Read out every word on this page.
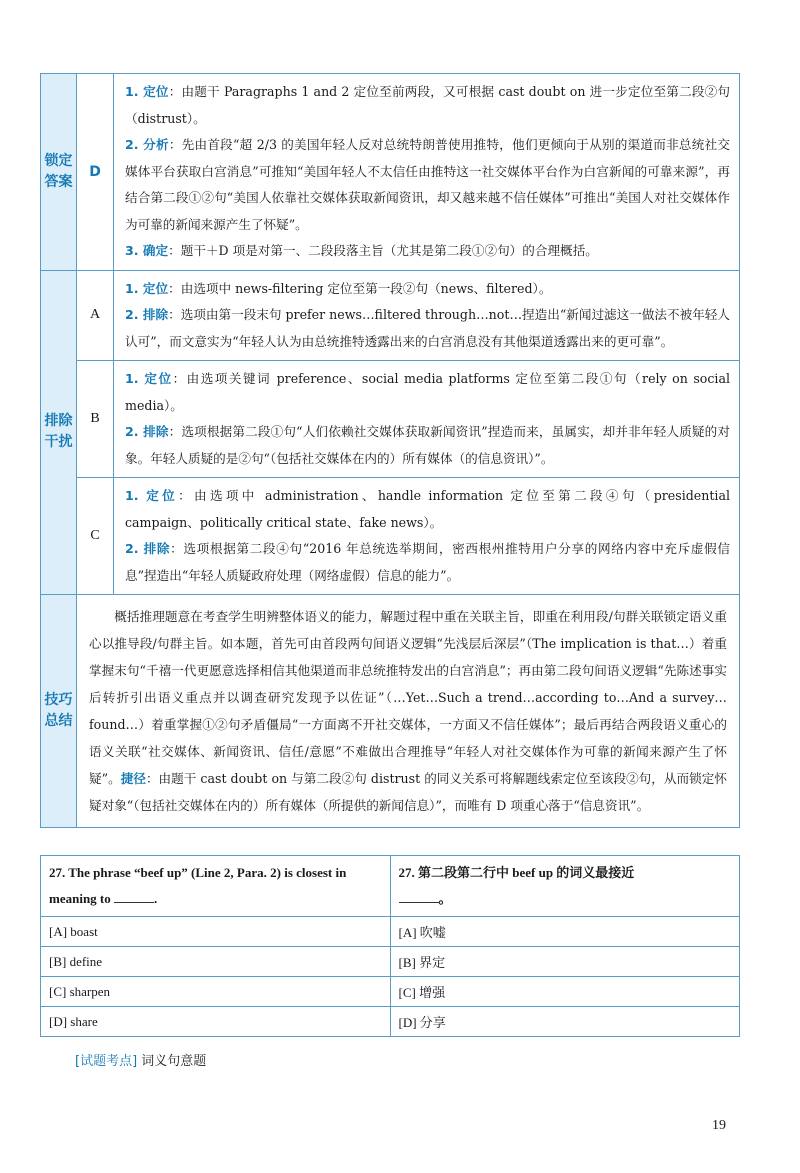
锁定答案	D	1. 定位：由题干 Paragraphs 1 and 2 定位至前两段，又可根据 cast doubt on 进一步定位至第二段②句（distrust）。

2. 分析：先由首段“超 2/3 的美国年轻人反对总统特朗普使用推特，他们更倾向于从别的渠道而非总统社交媒体平台获取白宫消息”可推知“美国年轻人不太信任由推特这一社交媒体平台作为白宫新闻的可靠来源”，再结合第二段①②句“美国人依靠社交媒体获取新闻资讯，却又越来越不信任媒体”可推出“美国人对社交媒体作为可靠的新闻来源产生了怀疑”。

3. 确定：题干＋D 项是对第一、二段段落主旨（尤其是第二段①②句）的合理概括。

排除干扰	A	1. 定位：由选项中 news-filtering 定位至第一段②句（news、filtered）。

2. 排除：选项由第一段末句 prefer news…filtered through…not…捏造出“新闻过滤这一做法不被年轻人认可”，而文意实为“年轻人认为由总统推特透露出来的白宫消息没有其他渠道透露出来的更可靠”。

	B	1. 定位：由选项关键词 preference、social media platforms 定位至第二段①句（rely on social media）。

2. 排除：选项根据第二段①句“人们依赖社交媒体获取新闻资讯”捏造而来，虽属实，却并非年轻人质疑的对象。年轻人质疑的是②句“（包括社交媒体在内的）所有媒体（的信息资讯）”。

	C	1. 定位：由选项中 administration、handle information 定位至第二段④句（presidential campaign、politically critical state、fake news）。

2. 排除：选项根据第二段④句“2016 年总统选举期间，密西根州推特用户分享的网络内容中充斥虚假信息”捏造出“年轻人质疑政府处理（网络虚假）信息的能力”。

技巧总结	概括推理题意在考查学生明辨整体语义的能力，解题过程中重在关联主旨，即重在利用段/句群关联锁定语义重心以推导段/句群主旨。如本题，首先可由首段两句间语义逻辑“先浅层后深层”（The implication is that…）着重掌握末句“千禧一代更愿意选择相信其他渠道而非总统推特发出的白宫消息”；再由第二段句间语义逻辑“先陈述事实后转折引出语义重点并以调查研究发现予以佐证”（…Yet…Such a trend…according to…And a survey…found…）着重掌握①②句矛盾僵局“一方面离不开社交媒体，一方面又不信任媒体”；最后再结合两段语义重心的语义关联“社交媒体、新闻资讯、信任/意愿”不难做出合理推导“年轻人对社交媒体作为可靠的新闻来源产生了怀疑”。捷径：由题干 cast doubt on 与第二段②句 distrust 的同义关系可将解题线索定位至该段②句，从而锁定怀疑对象“（包括社交媒体在内的）所有媒体（所提供的新闻信息）”，而唯有 D 项重心落于“信息资讯”。	
27. The phrase “beef up” (Line 2, Para. 2) is closest in meaning to .	27. 第二段第二行中 beef up 的词义最接近
。
[A] boast	[A] 吹嘘
[B] define	[B] 界定
[C] sharpen	[C] 增强
[D] share	[D] 分享
[试题考点] 词义句意题
19
